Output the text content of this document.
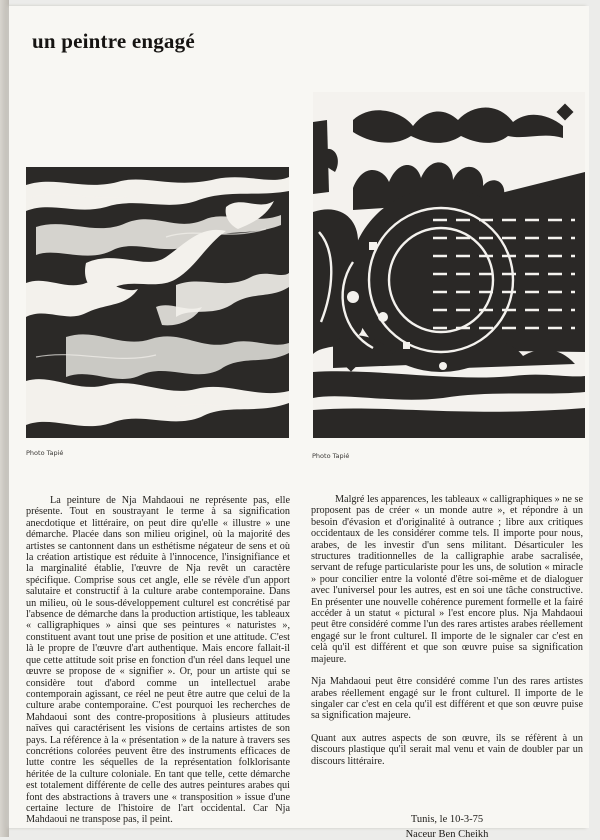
un peintre engagé
Photo Tapié	Photo Tapié

La peinture de Nja Mahdaoui ne représente pas, elle présente. Tout en soustrayant le terme à sa signification anecdotique et littéraire, on peut dire qu'elle « illustre » une démarche. Placée dans son milieu originel, où la majorité des artistes se cantonnent dans un esthétisme négateur de sens et où la création artistique est réduite à l'innocence, l'insignifiance et la marginalité établie, l'œuvre de Nja revêt un caractère spécifique. Comprise sous cet angle, elle se révèle d'un apport salutaire et constructif à la culture arabe contemporaine. Dans un milieu, où le sous-développement culturel est concrétisé par l'absence de démarche dans la production artistique, les tableaux « calligraphiques » ainsi que ses peintures « naturistes », constituent avant tout une prise de position et une attitude. C'est là le propre de l'œuvre d'art authentique. Mais encore fallait-il que cette attitude soit prise en fonction d'un réel dans lequel une œuvre se propose de « signifier ». Or, pour un artiste qui se considère tout d'abord comme un intellectuel arabe contemporain agissant, ce réel ne peut être autre que celui de la culture arabe contemporaine. C'est pourquoi les recherches de Mahdaoui sont des contre-propositions à plusieurs attitudes naïves qui caractérisent les visions de certains artistes de son pays. La référence à la « présentation » de la nature à travers ses concrétions colorées peuvent être des instruments efficaces de lutte contre les séquelles de la représentation folklorisante héritée de la culture coloniale. En tant que telle, cette démarche est totalement différente de celle des autres peintures arabes qui font des abstractions à travers une « transposition » issue d'une certaine lecture de l'histoire de l'art occidental. Car Nja Mahdaoui ne transpose pas, il peint.

Malgré les apparences, les tableaux « calligraphiques » ne se proposent pas de créer « un monde autre », et répondre à un besoin d'évasion et d'originalité à outrance ; libre aux critiques occidentaux de les considérer comme tels. Il importe pour nous, arabes, de les investir d'un sens militant. Désarticuler les structures traditionnelles de la calligraphie arabe sacralisée, servant de refuge particulariste pour les uns, de solution « miracle » pour concilier entre la volonté d'être soi-même et de dialoguer avec l'universel pour les autres, est en soi une tâche constructive. En présenter une nouvelle cohérence purement formelle et la fairé accéder à un statut « pictural » l'est encore plus. Nja Mahdaoui peut être considéré comme l'un des rares artistes arabes réellement engagé sur le front culturel. Il importe de le signaler car c'est en celà qu'il est différent et que son œuvre puise sa signification majeure.

Nja Mahdaoui peut être considéré comme l'un des rares artistes arabes réellement engagé sur le front culturel. Il importe de le singaler car c'est en cela qu'il est différent et que son œuvre puise sa signification majeure.

Quant aux autres aspects de son œuvre, ils se réfèrent à un discours plastique qu'il serait mal venu et vain de doubler par un discours littéraire.

Tunis, le 10-3-75
Naceur Ben Cheikh
